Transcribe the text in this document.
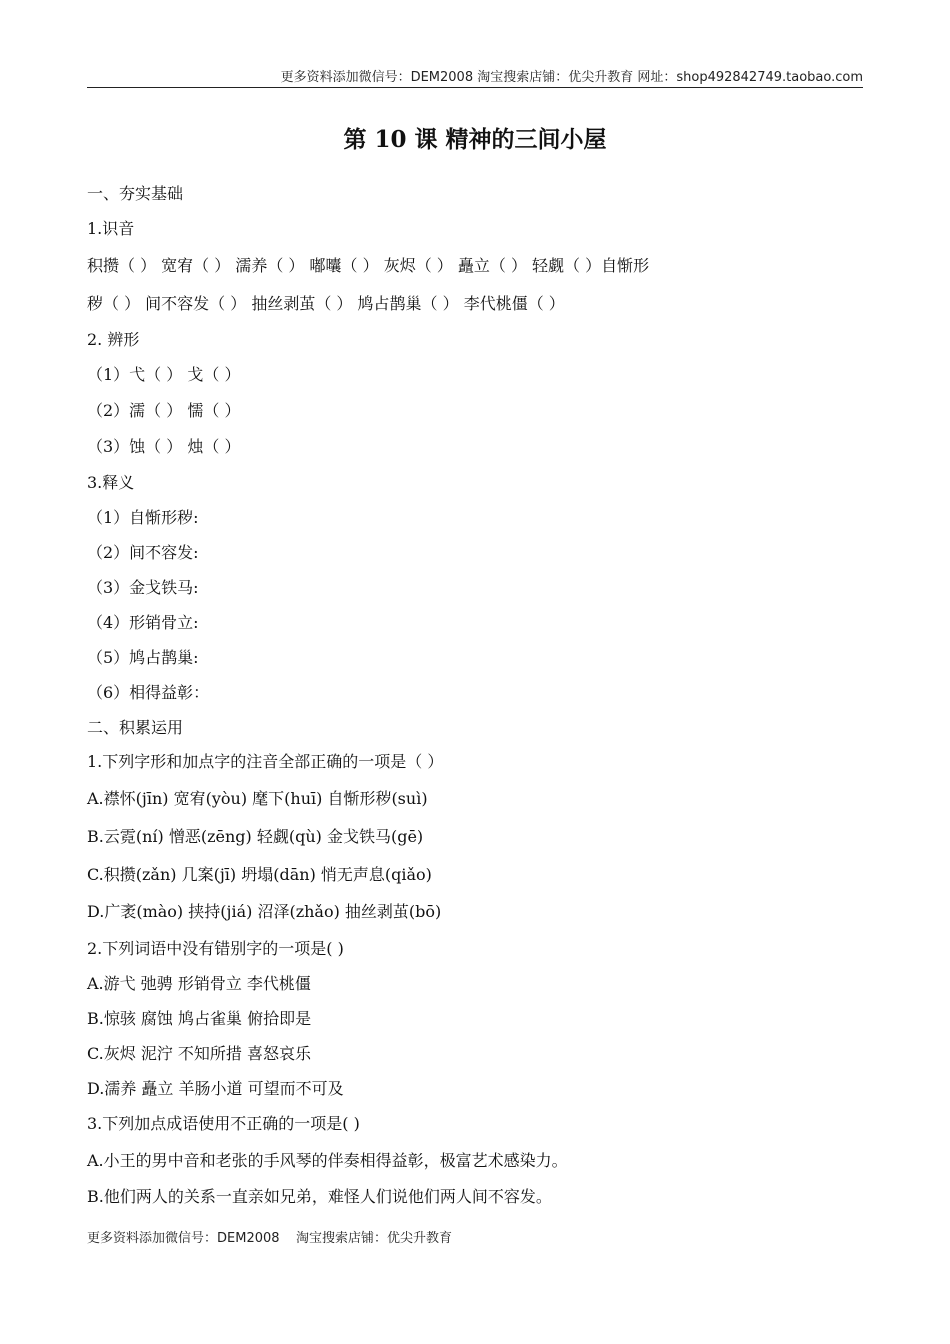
更多资料添加微信号：DEM2008 淘宝搜索店铺：优尖升教育 网址：shop492842749.taobao.com
第 10 课 精神的三间小屋
一、夯实基础
1.识音
积攒（ ） 宽宥（ ） 濡养（ ） 嘟囔（ ） 灰烬（ ） 矗立（ ） 轻觑（ ）自惭形
秽（ ） 间不容发（ ） 抽丝剥茧（ ） 鸠占鹊巢（ ） 李代桃僵（ ）
2. 辨形
（1）弋（ ） 戈（ ）
（2）濡（ ） 懦（ ）
（3）蚀（ ） 烛（ ）
3.释义
（1）自惭形秽:
（2）间不容发:
（3）金戈铁马:
（4）形销骨立:
（5）鸠占鹊巢:
（6）相得益彰：
二、积累运用
1.下列字形和加点字的注音全部正确的一项是（ ）
A.襟怀(jīn) 宽宥(yòu) 麾下(huī) 自惭形秽(suì)
B.云霓(ní) 憎恶(zēng) 轻觑(qù) 金戈铁马(gē)
C.积攒(zǎn) 几案(jī) 坍塌(dān) 悄无声息(qiǎo)
D.广袤(mào) 挟持(jiá) 沼泽(zhǎo) 抽丝剥茧(bō)
2.下列词语中没有错别字的一项是( )
A.游弋 弛骋 形销骨立 李代桃僵
B.惊骇 腐蚀 鸠占雀巢 俯拾即是
C.灰烬 泥泞 不知所措 喜怒哀乐
D.濡养 矗立 羊肠小道 可望而不可及
3.下列加点成语使用不正确的一项是( )
A.小王的男中音和老张的手风琴的伴奏相得益彰，极富艺术感染力。
B.他们两人的关系一直亲如兄弟，难怪人们说他们两人间不容发。
更多资料添加微信号：DEM2008    淘宝搜索店铺：优尖升教育
